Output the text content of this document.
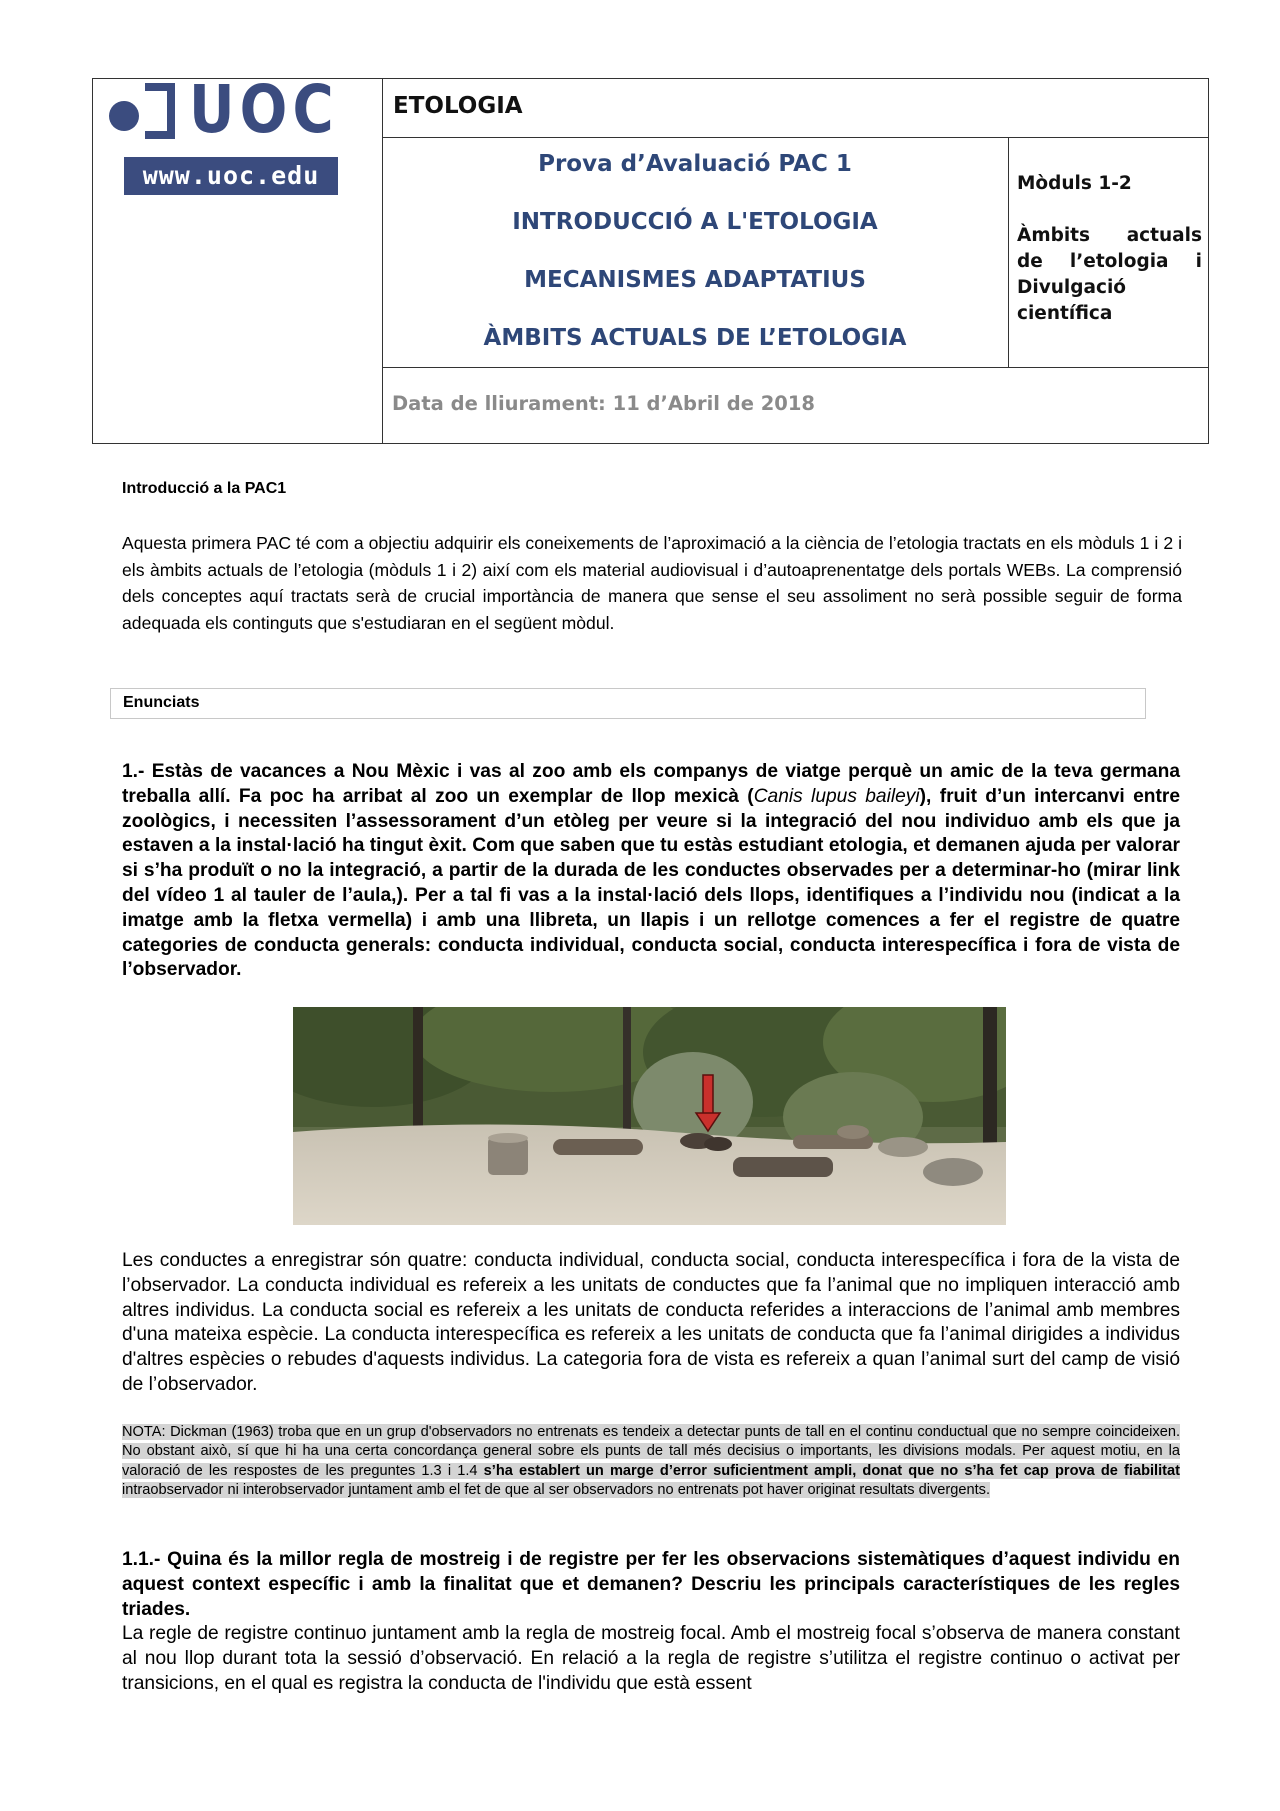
UOC
www.uoc.edu
ETOLOGIA
Prova d’Avaluació PAC 1
INTRODUCCIÓ A L'ETOLOGIA
MECANISMES ADAPTATIUS
ÀMBITS ACTUALS DE L’ETOLOGIA
Mòduls 1-2
Àmbits actuals de l’etologia i Divulgació científica
Data de lliurament: 11 d’Abril de 2018
Introducció a la PAC1
Aquesta primera PAC té com a objectiu adquirir els coneixements de l’aproximació a la ciència de l’etologia tractats en els mòduls 1 i 2 i els àmbits actuals de l’etologia (mòduls 1 i 2) així com els material audiovisual i d’autoaprenentatge dels portals WEBs. La comprensió dels conceptes aquí tractats serà de crucial importància de manera que sense el seu assoliment no serà possible seguir de forma adequada els continguts que s'estudiaran en el següent mòdul.
Enunciats
1.- Estàs de vacances a Nou Mèxic i vas al zoo amb els companys de viatge perquè un amic de la teva germana treballa allí. Fa poc ha arribat al zoo un exemplar de llop mexicà (Canis lupus baileyi), fruit d’un intercanvi entre zoològics, i necessiten l’assessorament d’un etòleg per veure si la integració del nou individuo amb els que ja estaven a la instal·lació ha tingut èxit. Com que saben que tu estàs estudiant etologia, et demanen ajuda per valorar si s’ha produït o no la integració, a partir de la durada de les conductes observades per a determinar-ho (mirar link del vídeo 1 al tauler de l’aula,). Per a tal fi vas a la instal·lació dels llops, identifiques a l’individu nou (indicat a la imatge amb la fletxa vermella) i amb una llibreta, un llapis i un rellotge comences a fer el registre de quatre categories de conducta generals: conducta individual, conducta social, conducta interespecífica i fora de vista de l’observador.
Les conductes a enregistrar són quatre: conducta individual, conducta social, conducta interespecífica i fora de la vista de l’observador. La conducta individual es refereix a les unitats de conductes que fa l’animal que no impliquen interacció amb altres individus. La conducta social es refereix a les unitats de conducta referides a interaccions de l’animal amb membres d'una mateixa espècie. La conducta interespecífica es refereix a les unitats de conducta que fa l’animal dirigides a individus d'altres espècies o rebudes d'aquests individus. La categoria fora de vista es refereix a quan l’animal surt del camp de visió de l’observador.
NOTA: Dickman (1963) troba que en un grup d'observadors no entrenats es tendeix a detectar punts de tall en el continu conductual que no sempre coincideixen. No obstant això, sí que hi ha una certa concordança general sobre els punts de tall més decisius o importants, les divisions modals. Per aquest motiu, en la valoració de les respostes de les preguntes 1.3 i 1.4 s’ha establert un marge d’error suficientment ampli, donat que no s’ha fet cap prova de fiabilitat intraobservador ni interobservador juntament amb el fet de que al ser observadors no entrenats pot haver originat resultats divergents.
1.1.- Quina és la millor regla de mostreig i de registre per fer les observacions sistemàtiques d’aquest individu en aquest context específic i amb la finalitat que et demanen? Descriu les principals característiques de les regles triades.
La regle de registre continuo juntament amb la regla de mostreig focal. Amb el mostreig focal s’observa de manera constant al nou llop durant tota la sessió d’observació. En relació a la regla de registre s’utilitza el registre continuo o activat per transicions, en el qual es registra la conducta de l'individu que està essent
